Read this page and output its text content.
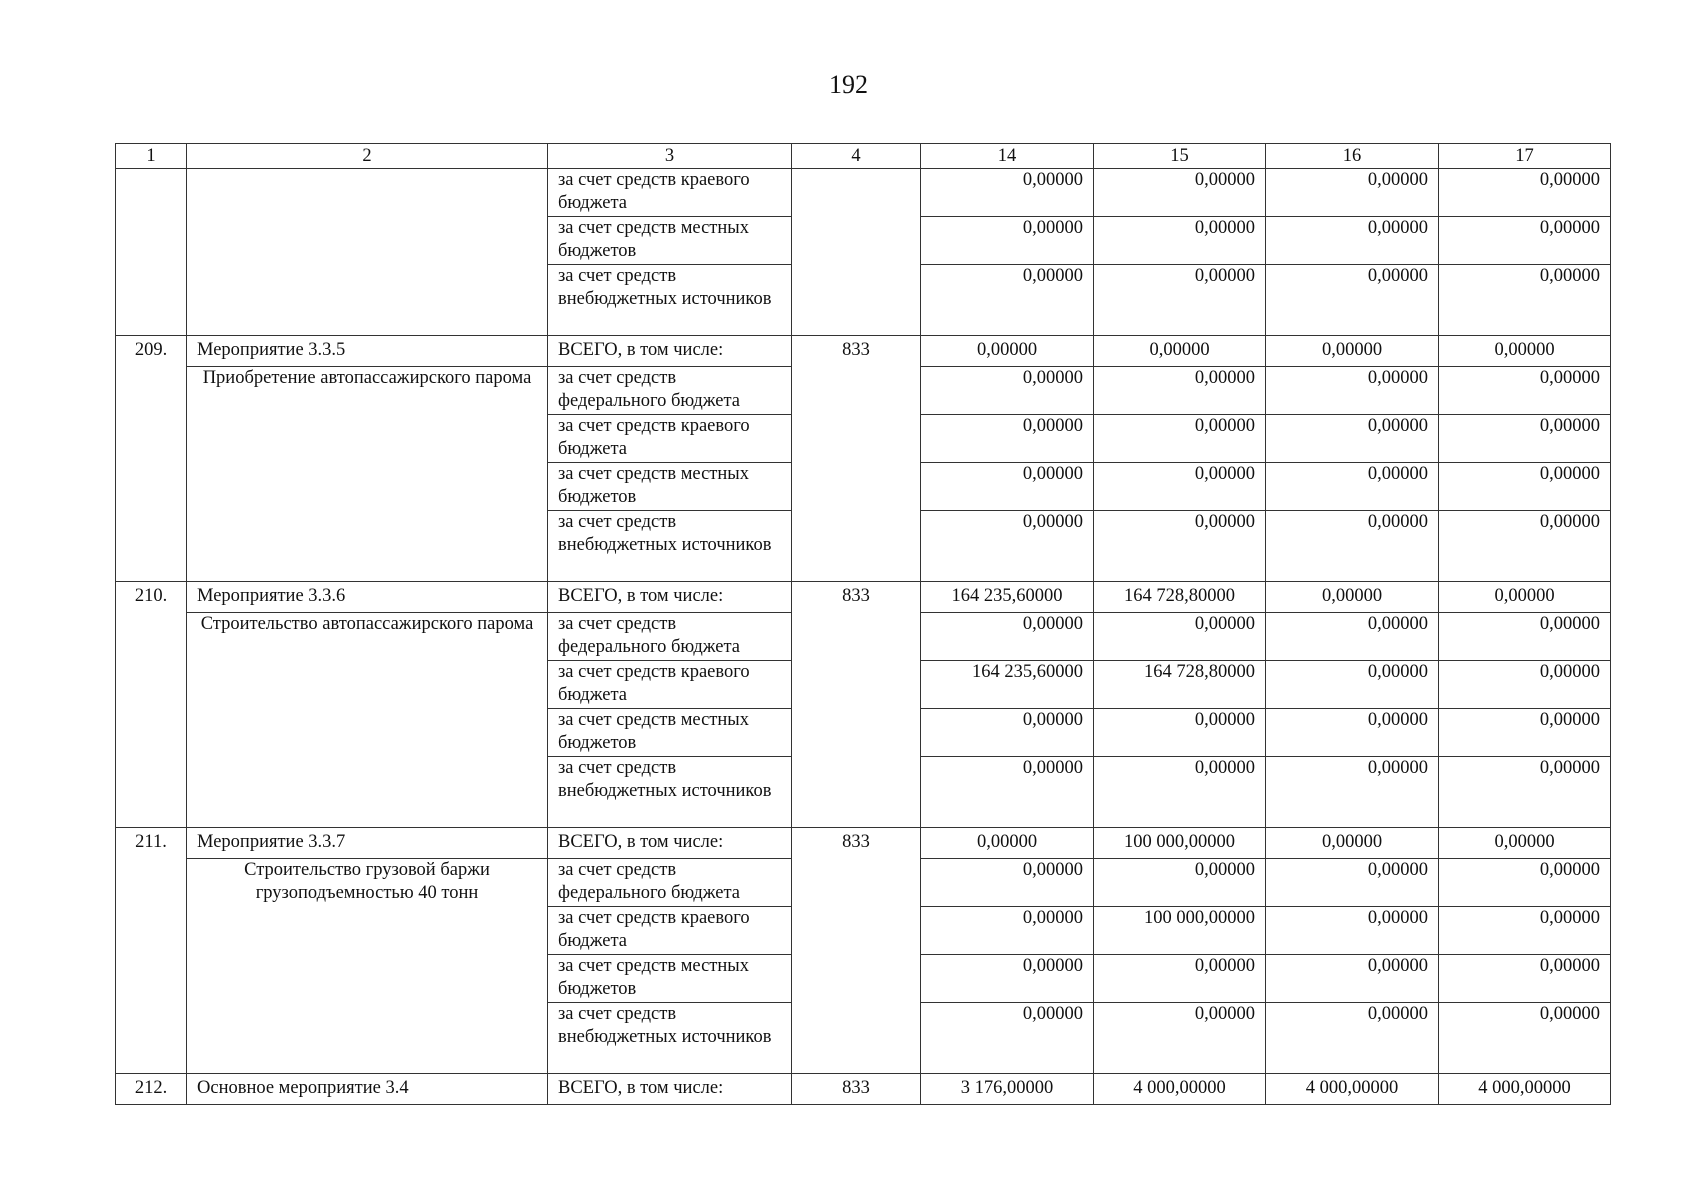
192
1	2	3	4	14	15	16	17
		за счет средств краевого бюджета		0,00000	0,00000	0,00000	0,00000
		за счет средств местных бюджетов		0,00000	0,00000	0,00000	0,00000
		за счет средств внебюджетных источников		0,00000	0,00000	0,00000	0,00000
209.	Мероприятие 3.3.5	ВСЕГО, в том числе:	833	0,00000	0,00000	0,00000	0,00000
	Приобретение автопассажирского парома	за счет средств федерального бюджета		0,00000	0,00000	0,00000	0,00000
		за счет средств краевого бюджета		0,00000	0,00000	0,00000	0,00000
		за счет средств местных бюджетов		0,00000	0,00000	0,00000	0,00000
		за счет средств внебюджетных источников		0,00000	0,00000	0,00000	0,00000
210.	Мероприятие 3.3.6	ВСЕГО, в том числе:	833	164 235,60000	164 728,80000	0,00000	0,00000
	Строительство автопассажирского парома	за счет средств федерального бюджета		0,00000	0,00000	0,00000	0,00000
		за счет средств краевого бюджета		164 235,60000	164 728,80000	0,00000	0,00000
		за счет средств местных бюджетов		0,00000	0,00000	0,00000	0,00000
		за счет средств внебюджетных источников		0,00000	0,00000	0,00000	0,00000
211.	Мероприятие 3.3.7	ВСЕГО, в том числе:	833	0,00000	100 000,00000	0,00000	0,00000
	Строительство грузовой баржи грузоподъемностью 40 тонн	за счет средств федерального бюджета		0,00000	0,00000	0,00000	0,00000
		за счет средств краевого бюджета		0,00000	100 000,00000	0,00000	0,00000
		за счет средств местных бюджетов		0,00000	0,00000	0,00000	0,00000
		за счет средств внебюджетных источников		0,00000	0,00000	0,00000	0,00000
212.	Основное мероприятие 3.4	ВСЕГО, в том числе:	833	3 176,00000	4 000,00000	4 000,00000	4 000,00000
